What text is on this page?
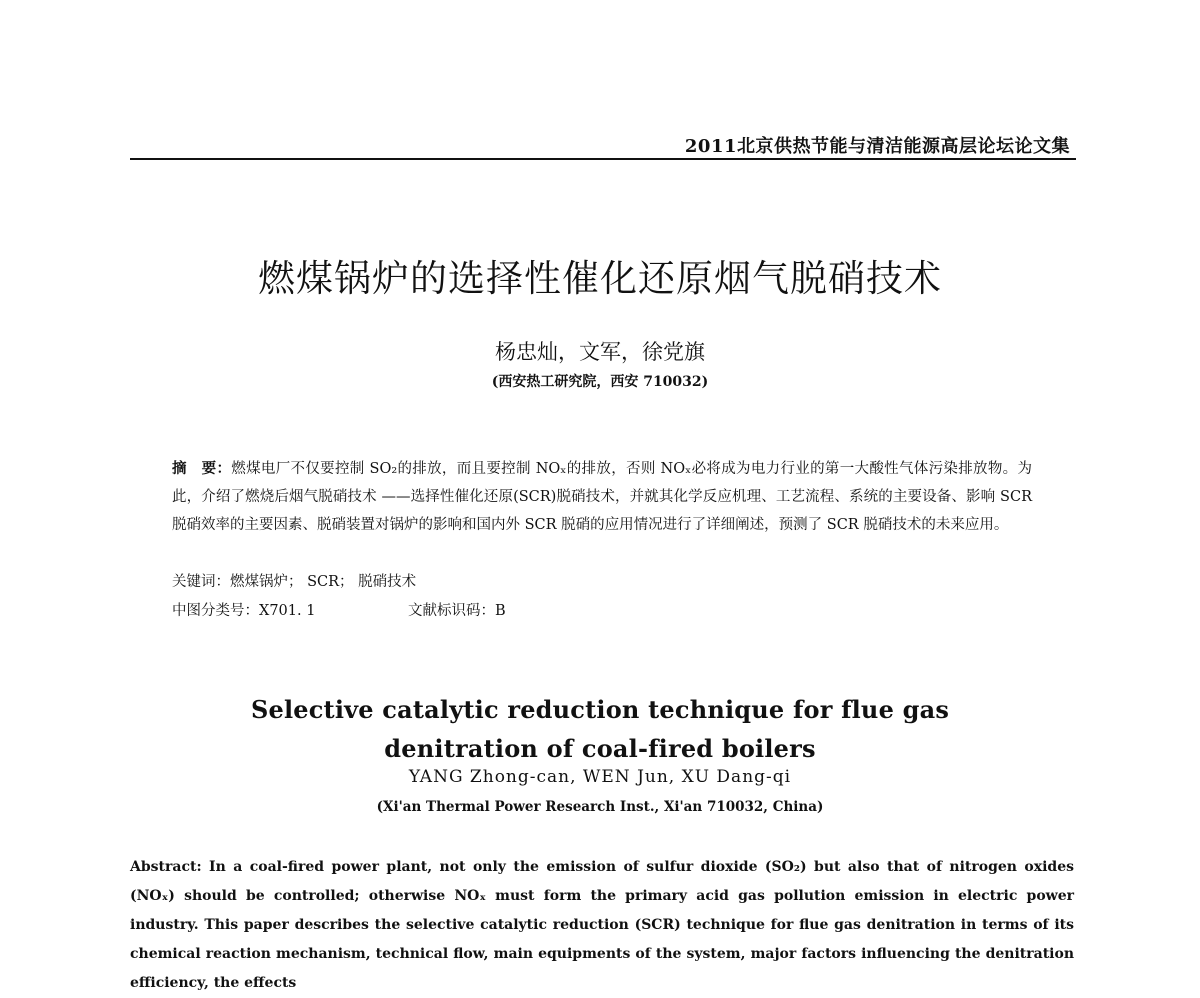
2011北京供热节能与清洁能源高层论坛论文集
燃煤锅炉的选择性催化还原烟气脱硝技术
杨忠灿，文军，徐党旗
(西安热工研究院，西安 710032)
摘　要：燃煤电厂不仅要控制 SO₂的排放，而且要控制 NOₓ的排放，否则 NOₓ必将成为电力行业的第一大酸性气体污染排放物。为此，介绍了燃烧后烟气脱硝技术 ——选择性催化还原(SCR)脱硝技术，并就其化学反应机理、工艺流程、系统的主要设备、影响 SCR 脱硝效率的主要因素、脱硝装置对锅炉的影响和国内外 SCR 脱硝的应用情况进行了详细阐述，预测了 SCR 脱硝技术的未来应用。
关键词：燃煤锅炉； SCR； 脱硝技术
中图分类号：X701. 1	文献标识码：B
Selective catalytic reduction technique for flue gas
denitration of coal-fired boilers
YANG Zhong-can, WEN Jun, XU Dang-qi
(Xi'an Thermal Power Research Inst., Xi'an 710032, China)
Abstract: In a coal-fired power plant, not only the emission of sulfur dioxide (SO₂) but also that of nitrogen oxides (NOₓ) should be controlled; otherwise NOₓ must form the primary acid gas pollution emission in electric power industry. This paper describes the selective catalytic reduction (SCR) technique for flue gas denitration in terms of its chemical reaction mechanism, technical flow, main equipments of the system, major factors influencing the denitration efficiency, the effects
